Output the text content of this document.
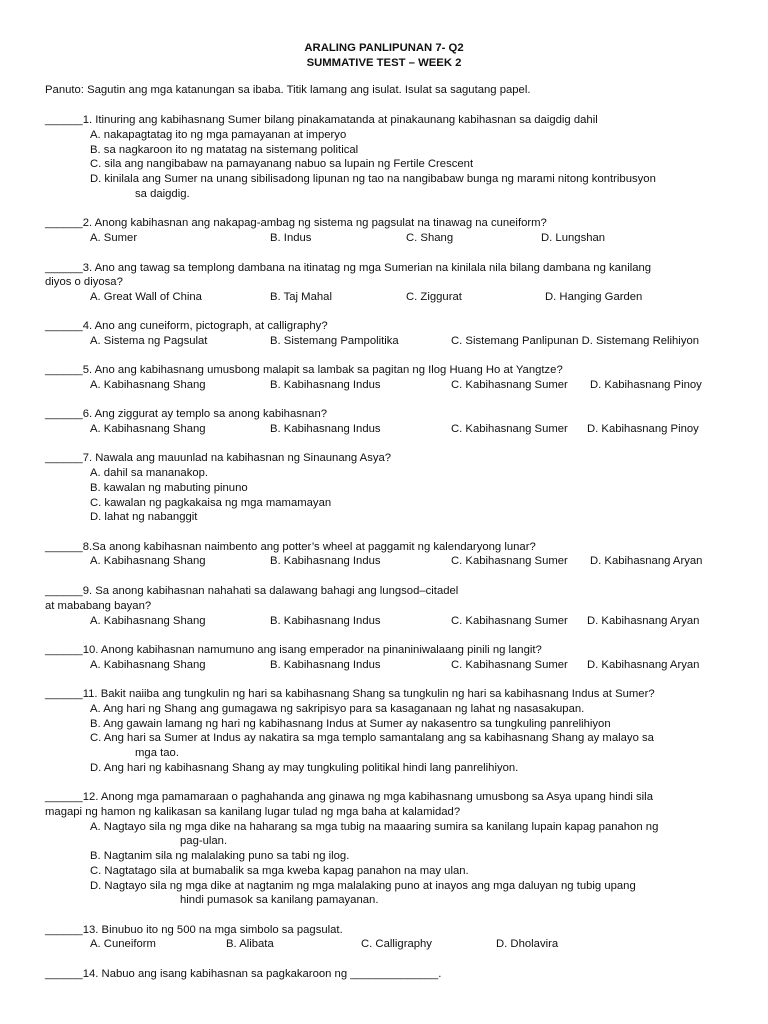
ARALING PANLIPUNAN 7- Q2
SUMMATIVE TEST – WEEK 2
Panuto: Sagutin ang mga katanungan sa ibaba. Titik lamang ang isulat. Isulat sa sagutang papel.
______1. Itinuring ang kabihasnang Sumer bilang pinakamatanda at pinakaunang kabihasnan sa daigdig dahil
A. nakapagtatag ito ng mga pamayanan at imperyo
B. sa nagkaroon ito ng matatag na sistemang political
C. sila ang nangibabaw na pamayanang nabuo sa lupain ng Fertile Crescent
D. kinilala ang Sumer na unang sibilisadong lipunan ng tao na nangibabaw bunga ng marami nitong kontribusyon
sa daigdig.
______2. Anong kabihasnan ang nakapag-ambag ng sistema ng pagsulat na tinawag na cuneiform?
A. Sumer	B. Indus	C. Shang	D. Lungshan
______3. Ano ang tawag sa templong dambana na itinatag ng mga Sumerian na kinilala nila bilang dambana ng kanilang
diyos o diyosa?
A. Great Wall of China	B. Taj Mahal	C. Ziggurat	D. Hanging Garden
______4. Ano ang cuneiform, pictograph, at calligraphy?
A. Sistema ng Pagsulat	B. Sistemang Pampolitika	C. Sistemang Panlipunan D. Sistemang Relihiyon
______5. Ano ang kabihasnang umusbong malapit sa lambak sa pagitan ng Ilog Huang Ho at Yangtze?
A. Kabihasnang Shang	B. Kabihasnang Indus	C. Kabihasnang Sumer D. Kabihasnang Pinoy
______6. Ang ziggurat ay templo sa anong kabihasnan?
A. Kabihasnang Shang	B. Kabihasnang Indus	C. Kabihasnang Sumer D. Kabihasnang Pinoy
______7. Nawala ang mauunlad na kabihasnan ng Sinaunang Asya?
A. dahil sa mananakop.
B. kawalan ng mabuting pinuno
C. kawalan ng pagkakaisa ng mga mamamayan
D. lahat ng nabanggit
______8.Sa anong kabihasnan naimbento ang potter’s wheel at paggamit ng kalendaryong lunar?
A. Kabihasnang Shang	B. Kabihasnang Indus	C. Kabihasnang Sumer D. Kabihasnang Aryan
______9. Sa anong kabihasnan nahahati sa dalawang bahagi ang lungsod–citadel
at mababang bayan?
A. Kabihasnang Shang	B. Kabihasnang Indus	C. Kabihasnang Sumer D. Kabihasnang Aryan
______10. Anong kabihasnan namumuno ang isang emperador na pinaniniwalaang pinili ng langit?
A. Kabihasnang Shang	B. Kabihasnang Indus	C. Kabihasnang Sumer D. Kabihasnang Aryan
______11. Bakit naiiba ang tungkulin ng hari sa kabihasnang Shang sa tungkulin ng hari sa kabihasnang Indus at Sumer?
A. Ang hari ng Shang ang gumagawa ng sakripisyo para sa kasaganaan ng lahat ng nasasakupan.
B. Ang gawain lamang ng hari ng kabihasnang Indus at Sumer ay nakasentro sa tungkuling panrelihiyon
C. Ang hari sa Sumer at Indus ay nakatira sa mga templo samantalang ang sa kabihasnang Shang ay malayo sa
mga tao.
D. Ang hari ng kabihasnang Shang ay may tungkuling politikal hindi lang panrelihiyon.
______12. Anong mga pamamaraan o paghahanda ang ginawa ng mga kabihasnang umusbong sa Asya upang hindi sila
magapi ng hamon ng kalikasan sa kanilang lugar tulad ng mga baha at kalamidad?
A. Nagtayo sila ng mga dike na haharang sa mga tubig na maaaring sumira sa kanilang lupain kapag panahon ng
pag-ulan.
B. Nagtanim sila ng malalaking puno sa tabi ng ilog.
C. Nagtatago sila at bumabalik sa mga kweba kapag panahon na may ulan.
D. Nagtayo sila ng mga dike at nagtanim ng mga malalaking puno at inayos ang mga daluyan ng tubig upang
hindi pumasok sa kanilang pamayanan.
______13. Binubuo ito ng 500 na mga simbolo sa pagsulat.
A. Cuneiform	B. Alibata	C. Calligraphy	D. Dholavira
______14. Nabuo ang isang kabihasnan sa pagkakaroon ng ______________.
